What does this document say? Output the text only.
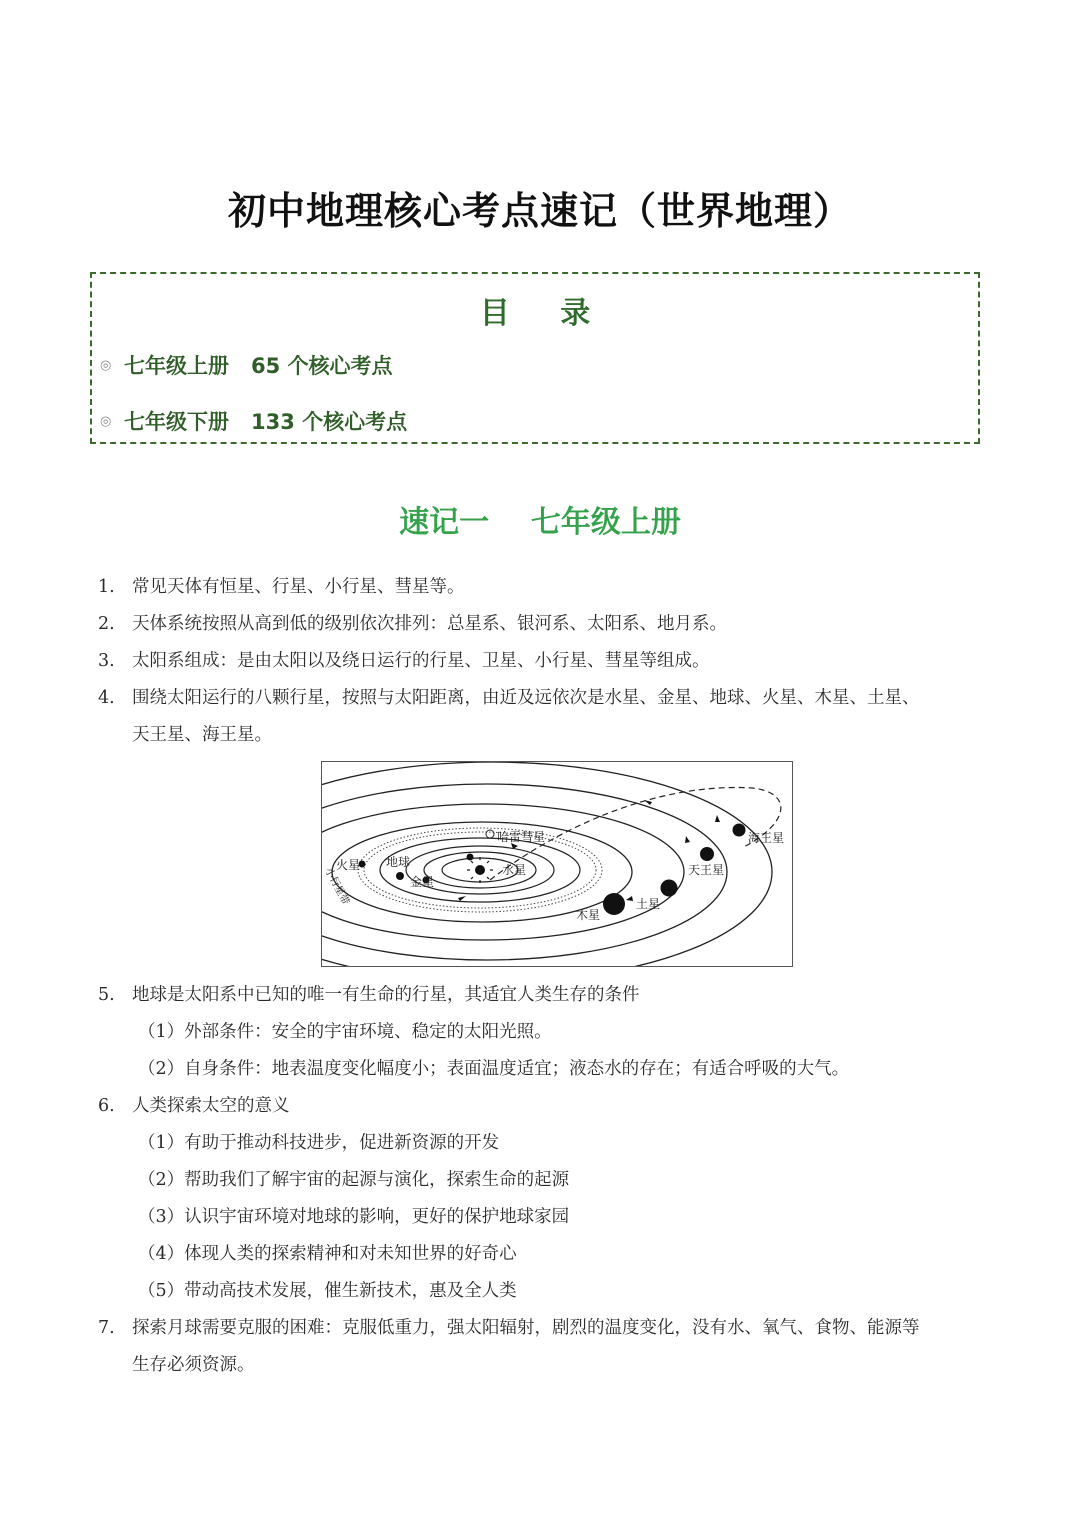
初中地理核心考点速记（世界地理）
目 录
◎ 七年级上册 65 个核心考点
◎ 七年级下册 133 个核心考点
速记一    七年级上册
1. 常见天体有恒星、行星、小行星、彗星等。
2. 天体系统按照从高到低的级别依次排列：总星系、银河系、太阳系、地月系。
3. 太阳系组成：是由太阳以及绕日运行的行星、卫星、小行星、彗星等组成。
4. 围绕太阳运行的八颗行星，按照与太阳距离，由近及远依次是水星、金星、地球、火星、木星、土星、
天王星、海王星。
哈雷彗星
火星 地球
金星
水星
小行星带
木星
土星
天王星
海王星
5. 地球是太阳系中已知的唯一有生命的行星，其适宜人类生存的条件
（1）外部条件：安全的宇宙环境、稳定的太阳光照。
（2）自身条件：地表温度变化幅度小；表面温度适宜；液态水的存在；有适合呼吸的大气。
6. 人类探索太空的意义
（1）有助于推动科技进步，促进新资源的开发
（2）帮助我们了解宇宙的起源与演化，探索生命的起源
（3）认识宇宙环境对地球的影响，更好的保护地球家园
（4）体现人类的探索精神和对未知世界的好奇心
（5）带动高技术发展，催生新技术，惠及全人类
7. 探索月球需要克服的困难：克服低重力，强太阳辐射，剧烈的温度变化，没有水、氧气、食物、能源等
生存必须资源。
